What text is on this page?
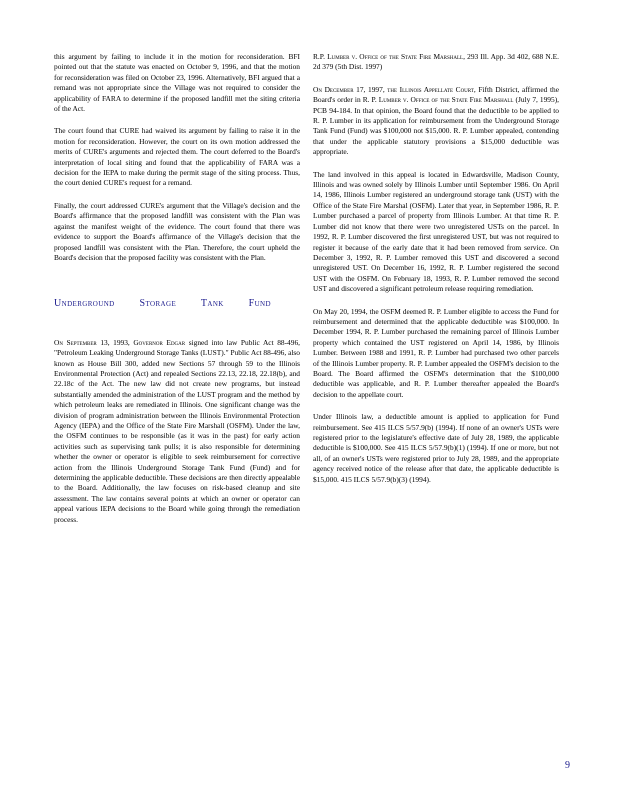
this argument by failing to include it in the motion for reconsideration. BFI pointed out that the statute was enacted on October 9, 1996, and that the motion for reconsideration was filed on October 23, 1996. Alternatively, BFI argued that a remand was not appropriate since the Village was not required to consider the applicability of FARA to determine if the proposed landfill met the siting criteria of the Act.

The court found that CURE had waived its argument by failing to raise it in the motion for reconsideration. However, the court on its own motion addressed the merits of CURE's arguments and rejected them. The court deferred to the Board's interpretation of local siting and found that the applicability of FARA was a decision for the IEPA to make during the permit stage of the siting process. Thus, the court denied CURE's request for a remand.

Finally, the court addressed CURE's argument that the Village's decision and the Board's affirmance that the proposed landfill was consistent with the Plan was against the manifest weight of the evidence. The court found that there was evidence to support the Board's affirmance of the Village's decision that the proposed landfill was consistent with the Plan. Therefore, the court upheld the Board's decision that the proposed facility was consistent with the Plan.

Underground Storage Tank Fund

On September 13, 1993, Governor Edgar signed into law Public Act 88-496, "Petroleum Leaking Underground Storage Tanks (LUST)." Public Act 88-496, also known as House Bill 300, added new Sections 57 through 59 to the Illinois Environmental Protection (Act) and repealed Sections 22.13, 22.18, 22.18(b), and 22.18c of the Act. The new law did not create new programs, but instead substantially amended the administration of the LUST program and the method by which petroleum leaks are remediated in Illinois. One significant change was the division of program administration between the Illinois Environmental Protection Agency (IEPA) and the Office of the State Fire Marshall (OSFM). Under the law, the OSFM continues to be responsible (as it was in the past) for early action activities such as supervising tank pulls; it is also responsible for determining whether the owner or operator is eligible to seek reimbursement for corrective action from the Illinois Underground Storage Tank Fund (Fund) and for determining the applicable deductible. These decisions are then directly appealable to the Board. Additionally, the law focuses on risk-based cleanup and site assessment. The law contains several points at which an owner or operator can appeal various IEPA decisions to the Board while going through the remediation process.

R.P. Lumber v. Office of the State Fire Marshall, 293 Ill. App. 3d 402, 688 N.E. 2d 379 (5th Dist. 1997)

On December 17, 1997, the Illinois Appellate Court, Fifth District, affirmed the Board's order in R. P. Lumber v. Office of the State Fire Marshall (July 7, 1995), PCB 94-184. In that opinion, the Board found that the deductible to be applied to R. P. Lumber in its application for reimbursement from the Underground Storage Tank Fund (Fund) was $100,000 not $15,000. R. P. Lumber appealed, contending that under the applicable statutory provisions a $15,000 deductible was appropriate.

The land involved in this appeal is located in Edwardsville, Madison County, Illinois and was owned solely by Illinois Lumber until September 1986. On April 14, 1986, Illinois Lumber registered an underground storage tank (UST) with the Office of the State Fire Marshal (OSFM). Later that year, in September 1986, R. P. Lumber purchased a parcel of property from Illinois Lumber. At that time R. P. Lumber did not know that there were two unregistered USTs on the parcel. In 1992, R. P. Lumber discovered the first unregistered UST, but was not required to register it because of the early date that it had been removed from service. On December 3, 1992, R. P. Lumber removed this UST and discovered a second unregistered UST. On December 16, 1992, R. P. Lumber registered the second UST with the OSFM. On February 18, 1993, R. P. Lumber removed the second UST and discovered a significant petroleum release requiring remediation.

On May 20, 1994, the OSFM deemed R. P. Lumber eligible to access the Fund for reimbursement and determined that the applicable deductible was $100,000. In December 1994, R. P. Lumber purchased the remaining parcel of Illinois Lumber property which contained the UST registered on April 14, 1986, by Illinois Lumber. Between 1988 and 1991, R. P. Lumber had purchased two other parcels of the Illinois Lumber property. R. P. Lumber appealed the OSFM's decision to the Board. The Board affirmed the OSFM's determination that the $100,000 deductible was applicable, and R. P. Lumber thereafter appealed the Board's decision to the appellate court.

Under Illinois law, a deductible amount is applied to application for Fund reimbursement. See 415 ILCS 5/57.9(b) (1994). If none of an owner's USTs were registered prior to the legislature's effective date of July 28, 1989, the applicable deductible is $100,000. See 415 ILCS 5/57.9(b)(1) (1994). If one or more, but not all, of an owner's USTs were registered prior to July 28, 1989, and the appropriate agency received notice of the release after that date, the applicable deductible is $15,000. 415 ILCS 5/57.9(b)(3) (1994).

9
